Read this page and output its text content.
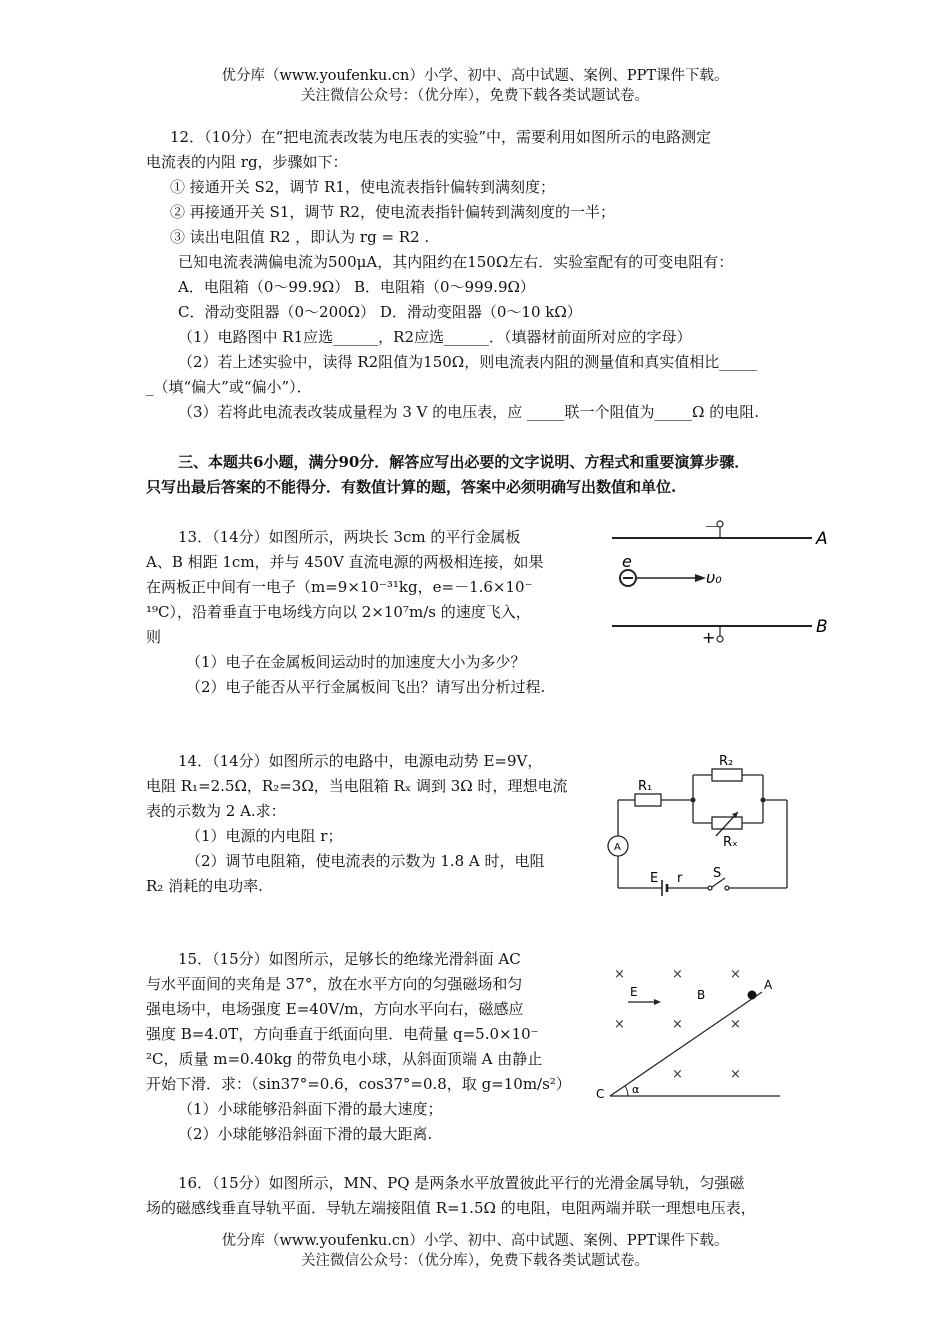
优分库（www.youfenku.cn）小学、初中、高中试题、案例、PPT课件下载。
关注微信公众号：（优分库），免费下载各类试题试卷。
12．（10分）在“把电流表改装为电压表的实验”中，需要利用如图所示的电路测定
电流表的内阻 rg，步骤如下：
① 接通开关 S2，调节 R1，使电流表指针偏转到满刻度；
② 再接通开关 S1，调节 R2，使电流表指针偏转到满刻度的一半；
③ 读出电阻值 R2 ，即认为 rg = R2 .
已知电流表满偏电流为500μA，其内阻约在150Ω左右．实验室配有的可变电阻有：
A．电阻箱（0～99.9Ω） B．电阻箱（0～999.9Ω）
C．滑动变阻器（0～200Ω） D．滑动变阻器（0～10 kΩ）
（1）电路图中 R1应选______，R2应选______．（填器材前面所对应的字母）
（2）若上述实验中，读得 R2阻值为150Ω，则电流表内阻的测量值和真实值相比_____
_（填“偏大”或“偏小”）．
（3）若将此电流表改装成量程为 3 V 的电压表，应 _____联一个阻值为_____Ω 的电阻.
三、本题共6小题，满分90分．解答应写出必要的文字说明、方程式和重要演算步骤．
只写出最后答案的不能得分．有数值计算的题，答案中必须明确写出数值和单位.
13．（14分）如图所示，两块长 3cm 的平行金属板
A、B 相距 1cm，并与 450V 直流电源的两极相连接，如果
在两板正中间有一电子（m=9×10⁻³¹kg，e=－1.6×10⁻
¹⁹C），沿着垂直于电场线方向以 2×10⁷m/s 的速度飞入，
则
（1）电子在金属板间运动时的加速度大小为多少？
（2）电子能否从平行金属板间飞出？请写出分析过程.
－
A
+
B
e
υ₀
14．（14分）如图所示的电路中，电源电动势 E=9V，
电阻 R₁=2.5Ω，R₂=3Ω，当电阻箱 Rₓ 调到 3Ω 时，理想电流
表的示数为 2 A.求：
（1）电源的内电阻 r；
（2）调节电阻箱，使电流表的示数为 1.8 A 时，电阻
R₂ 消耗的电功率.
R₁
R₂
Rₓ
A
E r S
15．（15分）如图所示，足够长的绝缘光滑斜面 AC
与水平面间的夹角是 37°，放在水平方向的匀强磁场和匀
强电场中，电场强度 E=40V/m，方向水平向右，磁感应
强度 B=4.0T，方向垂直于纸面向里．电荷量 q=5.0×10⁻
²C，质量 m=0.40kg 的带负电小球，从斜面顶端 A 由静止
开始下滑．求：（sin37°=0.6，cos37°=0.8，取 g=10m/s²）
（1）小球能够沿斜面下滑的最大速度；
（2）小球能够沿斜面下滑的最大距离.
×	×	×
×	×	×
×	×
E	B
A
C	α
16．（15分）如图所示，MN、PQ 是两条水平放置彼此平行的光滑金属导轨，匀强磁
场的磁感线垂直导轨平面．导轨左端接阻值 R=1.5Ω 的电阻，电阻两端并联一理想电压表，
优分库（www.youfenku.cn）小学、初中、高中试题、案例、PPT课件下载。
关注微信公众号：（优分库），免费下载各类试题试卷。
